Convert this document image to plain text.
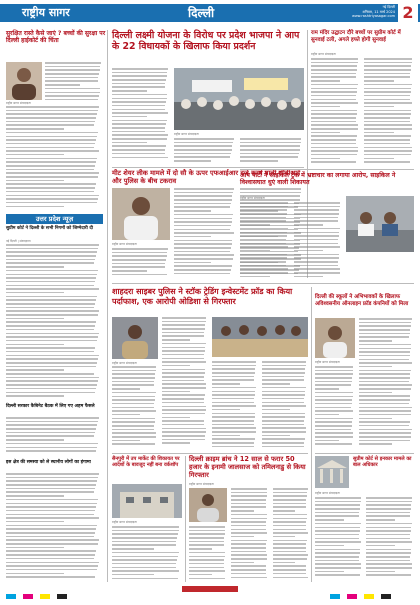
राष्ट्रीय सागर	दिल्ली	नई दिल्ली
शनिवार, 11 मार्च 2024
www.rashtriyasagar.com 2
सुरक्षित रास्ते कैसे जाएं ? बच्चों की सुरक्षा पर दिल्ली हाईकोर्ट की चिंता
राष्ट्रीय सागर संवाददाता
उत्तर प्रदेश न्यूज़
सुप्रीम कोर्ट ने दिल्ली के सभी निगमों को जिम्मेदारी दी
नई दिल्ली | संवाददाता
दिल्ली सरकार कैबिनेट बैठक में लिए गए अहम फैसले
इस क्षेत्र की समस्या को ले स्थानीय लोगों का हंगामा
दिल्ली लक्ष्मी योजना के विरोध पर प्रदेश भाजपा ने आप के 22 विधायकों के खिलाफ किया प्रदर्शन
राष्ट्रीय सागर संवाददाता
मीट शेयर लीक मामले में दो सौ के ऊपर एफआईआर दर्ज करने वाली सीबीआई और पुलिस के बीच टकराव
राष्ट्रीय सागर संवाददाता
राम मंदिर उद्घाटन दौरे बच्चों पर सुप्रीम कोर्ट में सुनवाई टली, अगले हफ्ते होगी सुनवाई
राष्ट्रीय सागर संवाददाता
आप पार्टी ने साइकिल ट्रैक में भ्रष्टाचार का लगाया आरोप, साइकिल ने विश्वासघात धुएं वाली शिकायत
राष्ट्रीय सागर संवाददाता
शाहदरा साइबर पुलिस ने स्टॉक ट्रेडिंग इन्वेस्टमेंट फ्रॉड का किया पर्दाफाश, एक आरोपी ओडिशा से गिरफ्तार
राष्ट्रीय सागर संवाददाता
दिल्ली की स्कूलों ने अभिभावकों के खिलाफ अविश्वसनीय ऑनलाइन फ्रॉड कंपनियों को मिला
राष्ट्रीय सागर संवाददाता
सैनपुरी में उप मार्केट की शिकायत पर आदेशों के बावजूद नहीं बना वर्कशॉप
राष्ट्रीय सागर संवाददाता
दिल्ली क्राइम ब्रांच ने 12 साल से फरार 50 हजार के इनामी जालसाज को तमिलनाडु से किया गिरफ्तार
राष्ट्रीय सागर संवाददाता
सुप्रीम कोर्ट से इनकार मामले का बाल अधिकार
राष्ट्रीय सागर संवाददाता
